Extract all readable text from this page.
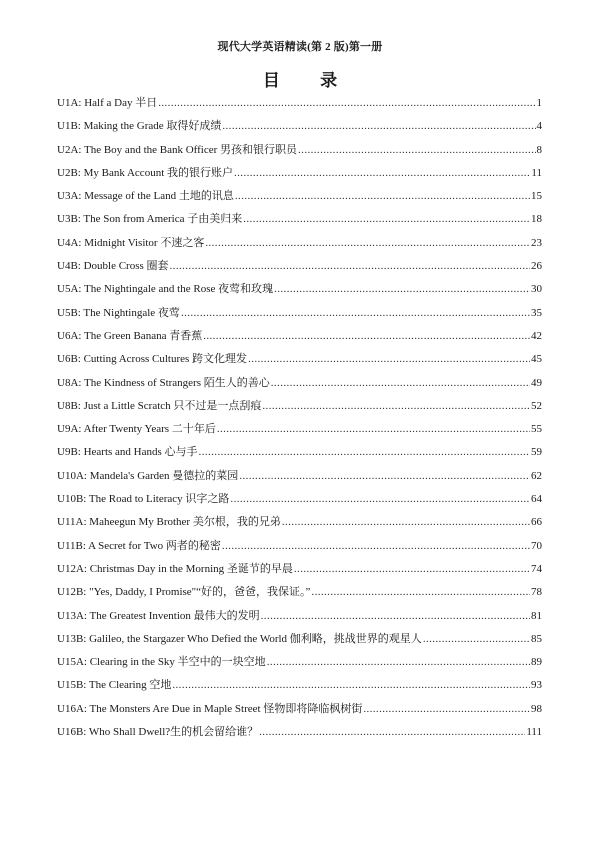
现代大学英语精读(第 2 版)第一册
目 录
U1A: Half a Day 半日 .....	1
U1B: Making the Grade 取得好成绩 .....	4
U2A: The Boy and the Bank Officer 男孩和银行职员 .....	8
U2B: My Bank Account 我的银行账户 .....	11
U3A: Message of the Land 土地的讯息 .....	15
U3B: The Son from America 子由美归来 .....	18
U4A: Midnight Visitor 不速之客 .....	23
U4B: Double Cross 圈套 .....	26
U5A: The Nightingale and the Rose 夜莺和玫瑰 .....	30
U5B: The Nightingale 夜莺 .....	35
U6A: The Green Banana 青香蕉 .....	42
U6B: Cutting Across Cultures 跨文化理发 .....	45
U8A: The Kindness of Strangers 陌生人的善心 .....	49
U8B: Just a Little Scratch 只不过是一点刮痕 .....	52
U9A: After Twenty Years 二十年后 .....	55
U9B: Hearts and Hands 心与手 .....	59
U10A: Mandela's Garden 曼德拉的菜园 .....	62
U10B: The Road to Literacy 识字之路 .....	64
U11A: Maheegun My Brother 美尔根，我的兄弟 .....	66
U11B: A Secret for Two 两者的秘密 .....	70
U12A: Christmas Day in the Morning 圣诞节的早晨 .....	74
U12B: "Yes, Daddy, I Promise"“好的，爸爸，我保证。” .....	78
U13A: The Greatest Invention 最伟大的发明 .....	81
U13B: Galileo, the Stargazer Who Defied the World 伽利略，挑战世界的观星人 .....	85
U15A: Clearing in the Sky 半空中的一块空地 .....	89
U15B: The Clearing 空地 .....	93
U16A: The Monsters Are Due in Maple Street 怪物即将降临枫树街 .....	98
U16B: Who Shall Dwell?生的机会留给谁？ .....	111
